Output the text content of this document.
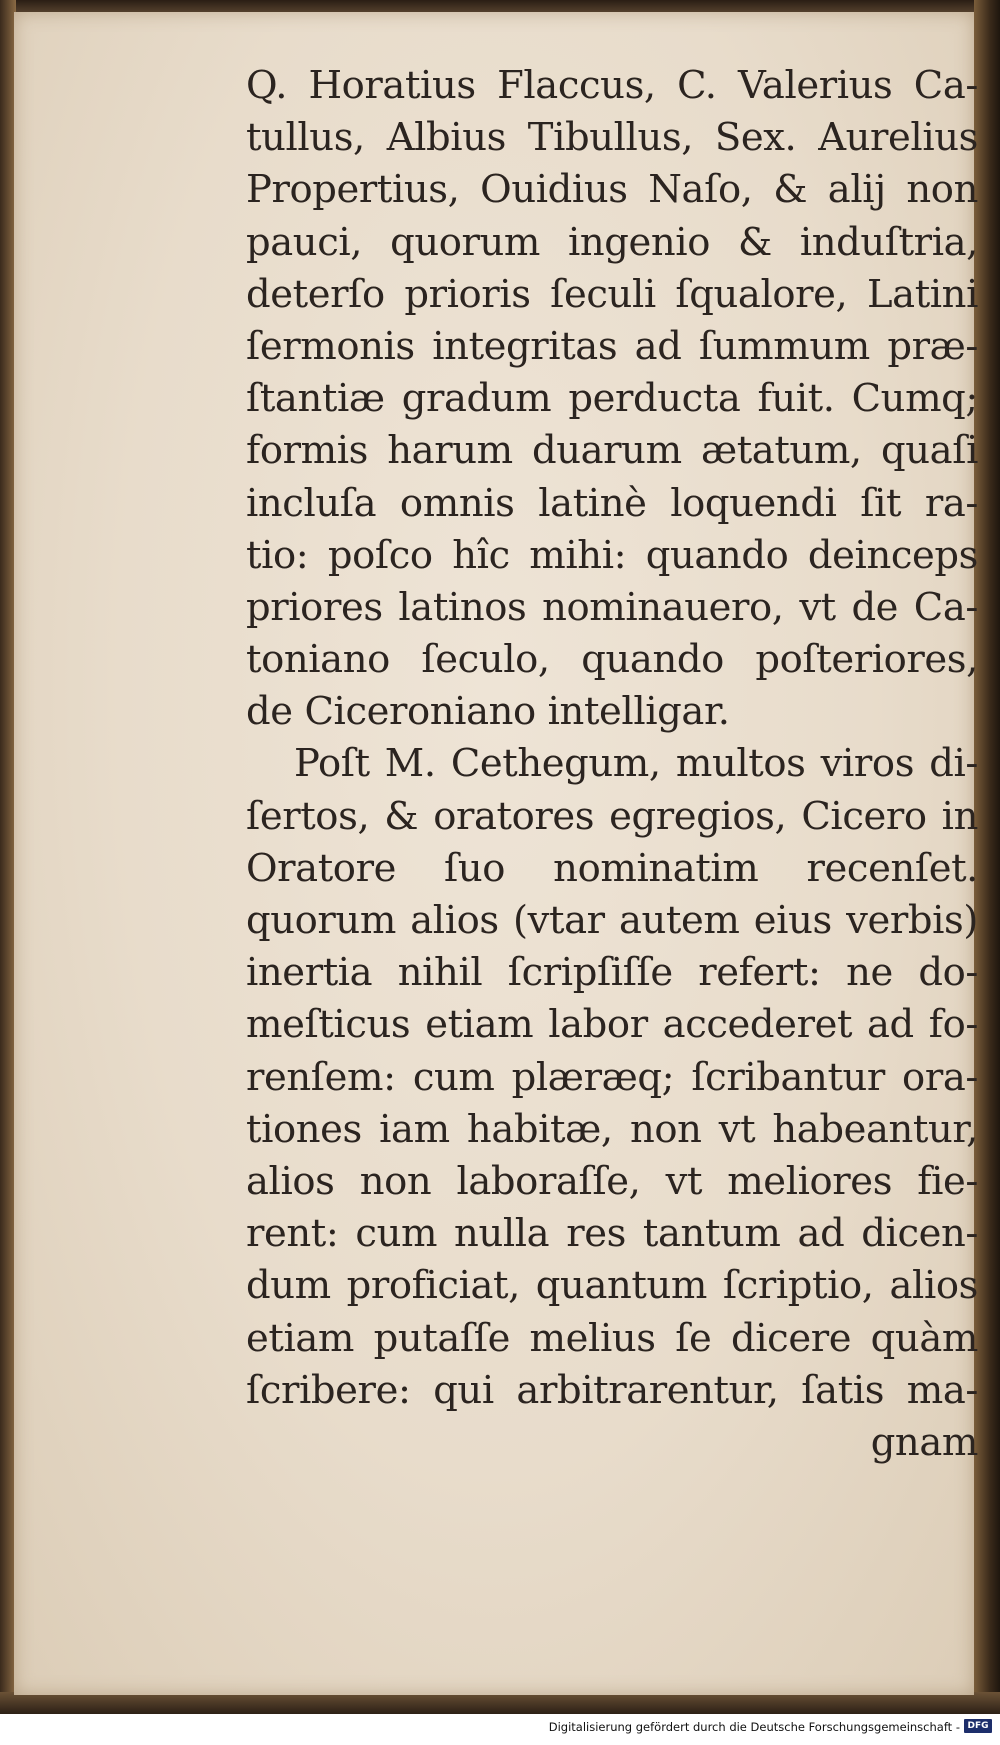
Q. Horatius Flaccus, C. Valerius Ca-
tullus, Albius Tibullus, Sex. Aurelius
Propertius, Ouidius Naſo, & alij non
pauci, quorum ingenio & induſtria,
deterſo prioris ſeculi ſqualore, Latini
ſermonis integritas ad ſummum præ-
ſtantiæ gradum perducta fuit. Cumq;
formis harum duarum ætatum, quaſi
incluſa omnis latinè loquendi ſit ra-
tio: poſco hîc mihi: quando deinceps
priores latinos nominauero, vt de Ca-
toniano ſeculo, quando poſteriores,
de Ciceroniano intelligar.
Poſt M. Cethegum, multos viros di-
ſertos, & oratores egregios, Cicero in
Oratore ſuo nominatim recenſet.
quorum alios (vtar autem eius verbis)
inertia nihil ſcripſiſſe refert: ne do-
meſticus etiam labor accederet ad fo-
renſem: cum plæræq; ſcribantur ora-
tiones iam habitæ, non vt habeantur,
alios non laboraſſe, vt meliores fie-
rent: cum nulla res tantum ad dicen-
dum proficiat, quantum ſcriptio, alios
etiam putaſſe melius ſe dicere quàm
ſcribere: qui arbitrarentur, ſatis ma-
gnam
Digitalisierung gefördert durch die Deutsche Forschungsgemeinschaft - DFG
